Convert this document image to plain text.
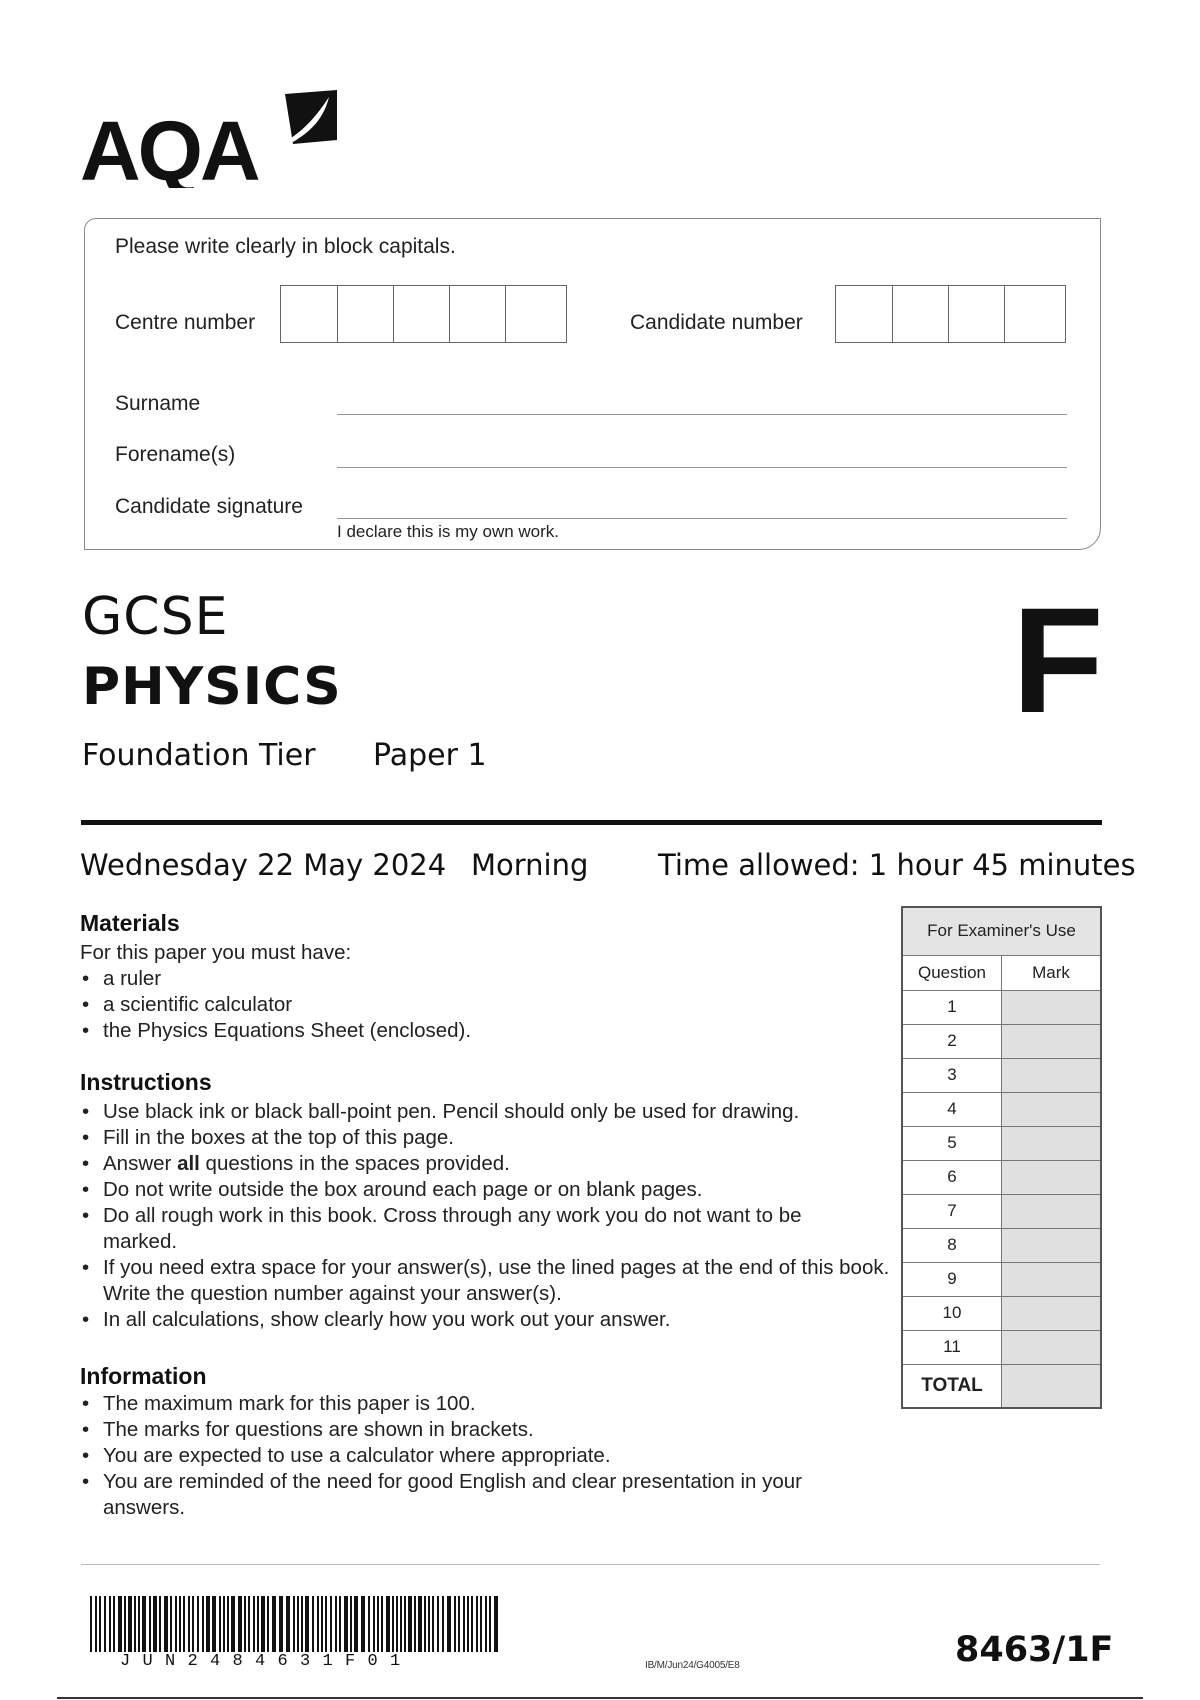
AQA
Please write clearly in block capitals.
Centre number	Candidate number
Surname
Forename(s)
Candidate signature
I declare this is my own work.
GCSE
PHYSICS
Foundation Tier Paper 1
F
Wednesday 22 May 2024 Morning Time allowed: 1 hour 45 minutes
Materials
For this paper you must have:
• a ruler
• a scientific calculator
• the Physics Equations Sheet (enclosed).
Instructions
• Use black ink or black ball-point pen. Pencil should only be used for drawing.
• Fill in the boxes at the top of this page.
• Answer all questions in the spaces provided.
• Do not write outside the box around each page or on blank pages.
• Do all rough work in this book. Cross through any work you do not want to be marked.
• If you need extra space for your answer(s), use the lined pages at the end of this book. Write the question number against your answer(s).
• In all calculations, show clearly how you work out your answer.
Information
• The maximum mark for this paper is 100.
• The marks for questions are shown in brackets.
• You are expected to use a calculator where appropriate.
• You are reminded of the need for good English and clear presentation in your answers.
For Examiner's Use	
Question	Mark
1	
2	
3	
4	
5	
6	
7	
8	
9	
10	
11	
TOTAL	
JUN2484631F01	IB/M/Jun24/G4005/E8	8463/1F
